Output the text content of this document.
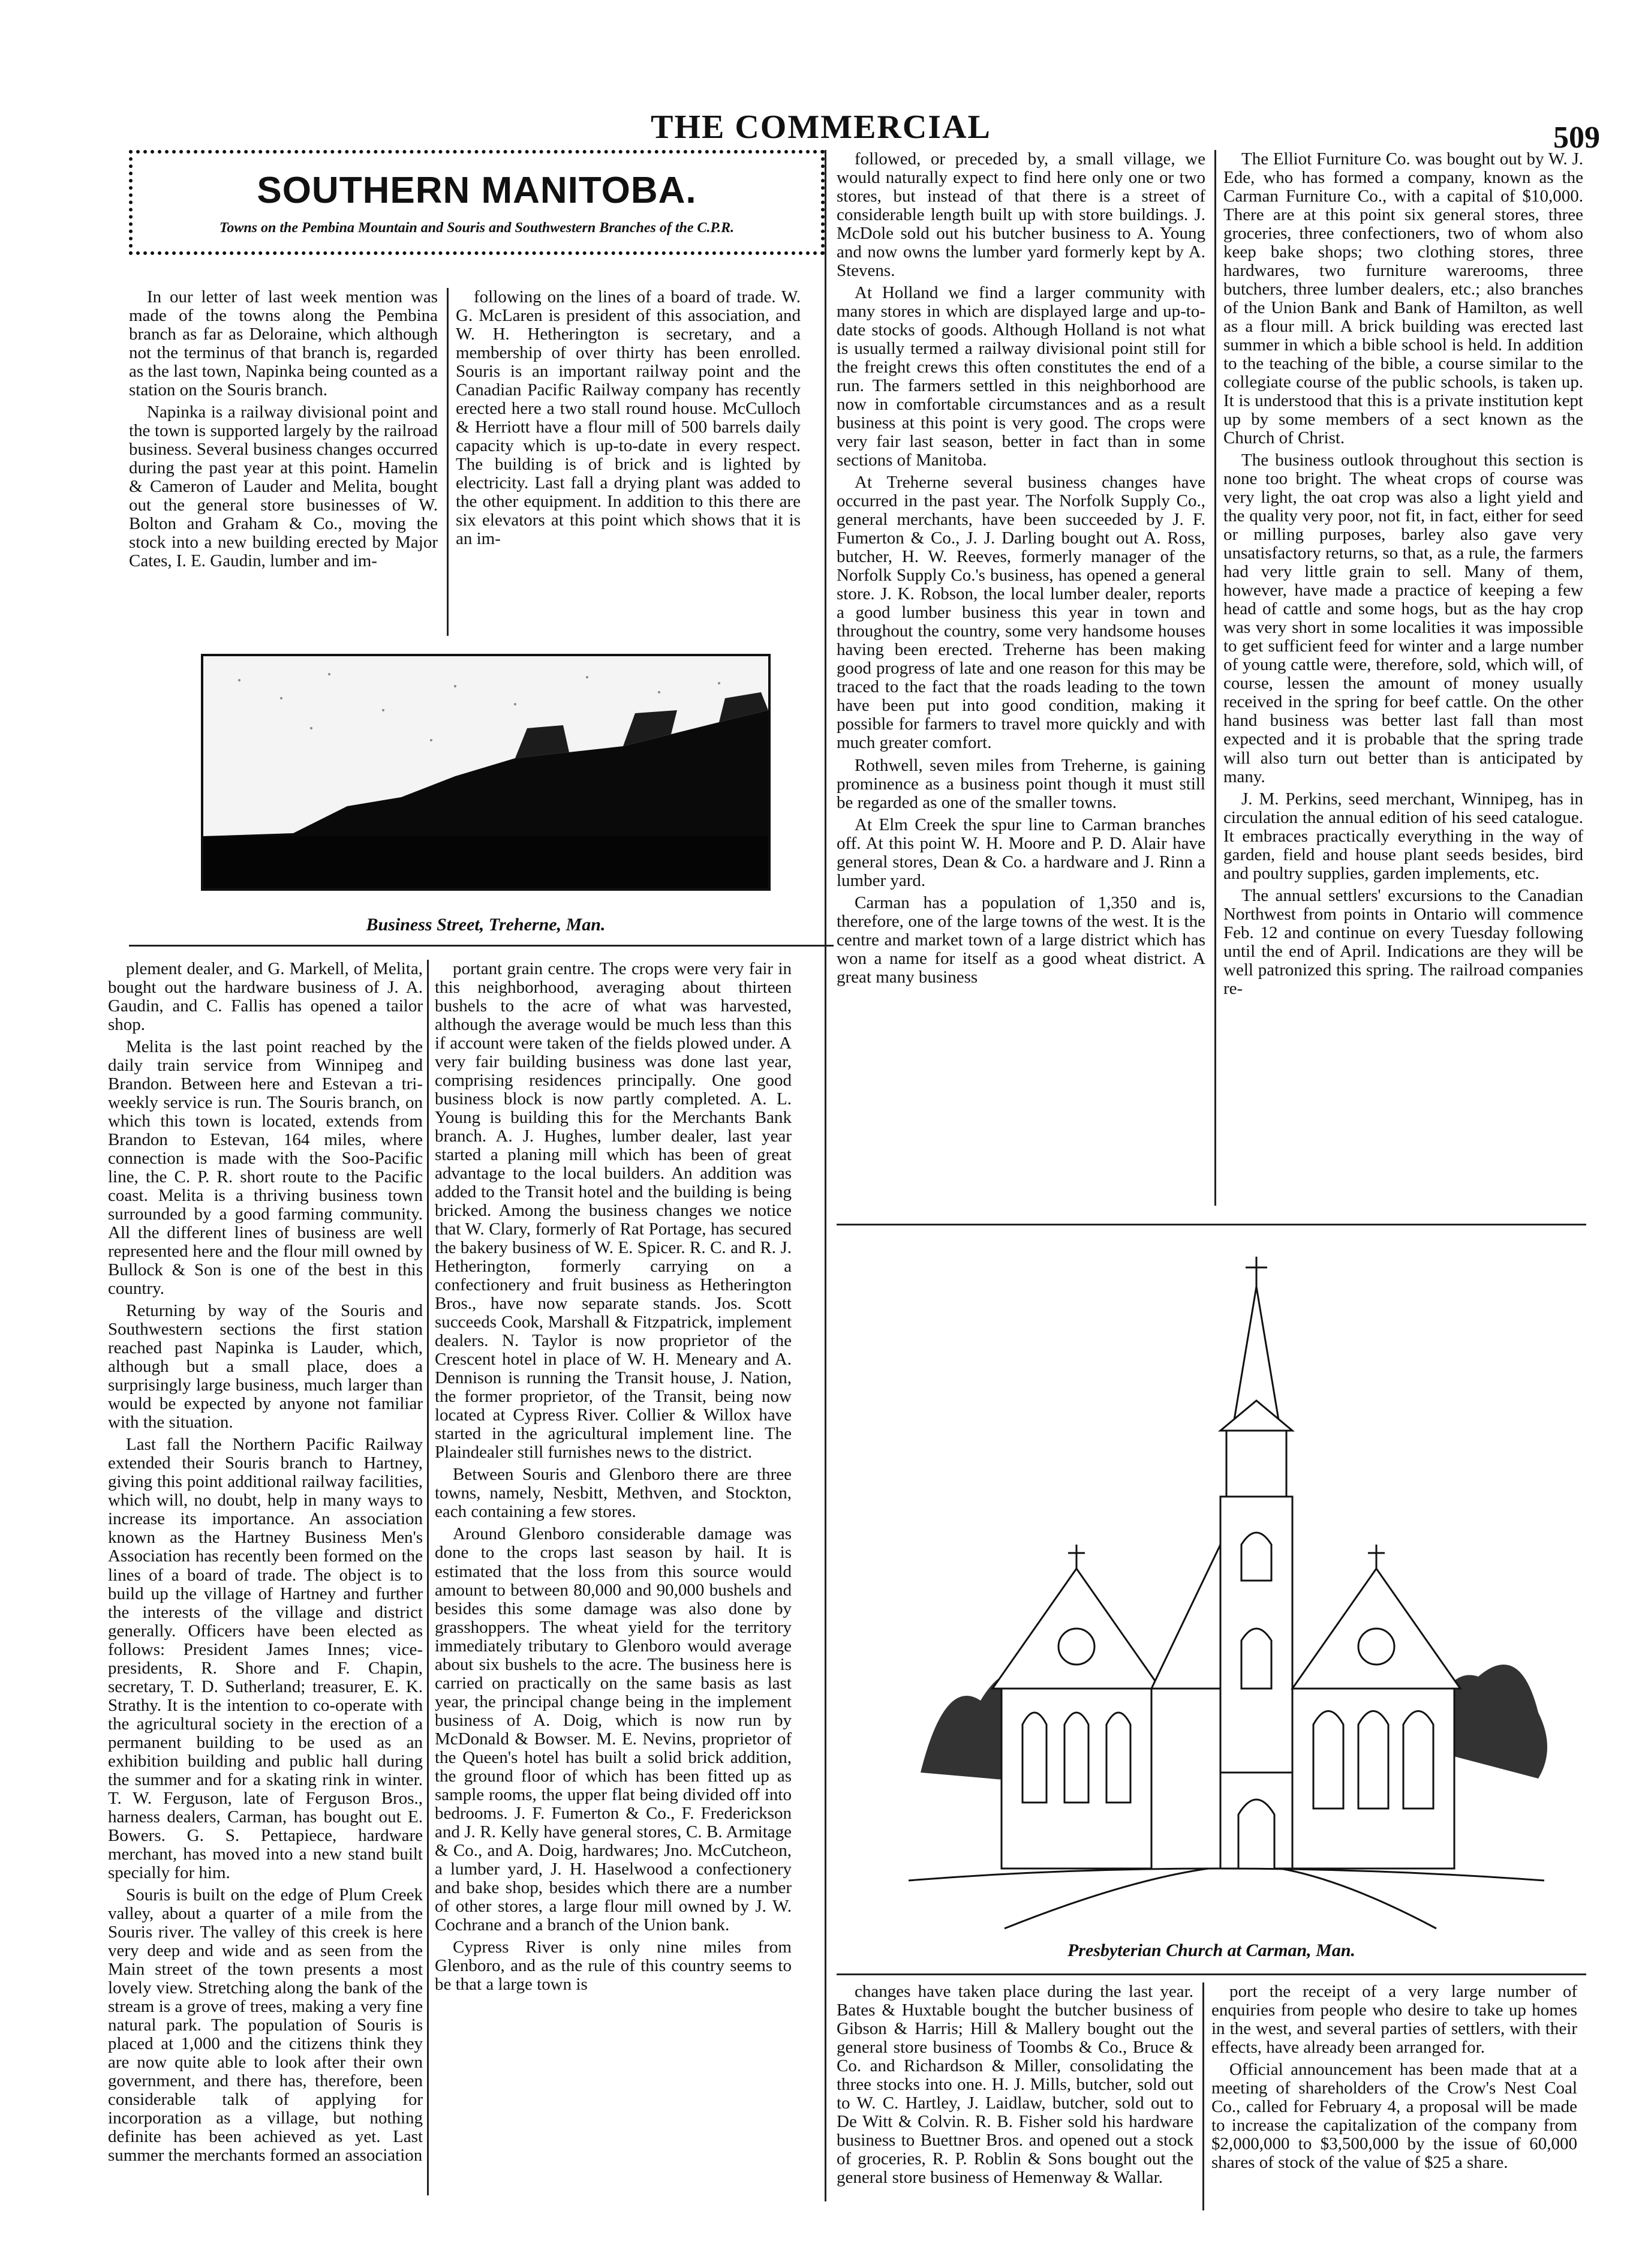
THE COMMERCIAL	509
SOUTHERN MANITOBA.
Towns on the Pembina Mountain and Souris and Southwestern Branches of the C.P.R.

In our letter of last week mention was made of the towns along the Pembina branch as far as Deloraine, which although not the terminus of that branch is, regarded as the last town, Napinka being counted as a station on the Souris branch.

Napinka is a railway divisional point and the town is supported largely by the railroad business. Several business changes occurred during the past year at this point. Hamelin & Cameron of Lauder and Melita, bought out the general store businesses of W. Bolton and Graham & Co., moving the stock into a new building erected by Major Cates, I. E. Gaudin, lumber and im-

following on the lines of a board of trade. W. G. McLaren is president of this association, and W. H. Hetherington is secretary, and a membership of over thirty has been enrolled. Souris is an important railway point and the Canadian Pacific Railway company has recently erected here a two stall round house. McCulloch & Herriott have a flour mill of 500 barrels daily capacity which is up-to-date in every respect. The building is of brick and is lighted by electricity. Last fall a drying plant was added to the other equipment. In addition to this there are six elevators at this point which shows that it is an im-

Business Street, Treherne, Man.

plement dealer, and G. Markell, of Melita, bought out the hardware business of J. A. Gaudin, and C. Fallis has opened a tailor shop.

Melita is the last point reached by the daily train service from Winnipeg and Brandon. Between here and Estevan a tri-weekly service is run. The Souris branch, on which this town is located, extends from Brandon to Estevan, 164 miles, where connection is made with the Soo-Pacific line, the C. P. R. short route to the Pacific coast. Melita is a thriving business town surrounded by a good farming community. All the different lines of business are well represented here and the flour mill owned by Bullock & Son is one of the best in this country.

Returning by way of the Souris and Southwestern sections the first station reached past Napinka is Lauder, which, although but a small place, does a surprisingly large business, much larger than would be expected by anyone not familiar with the situation.

Last fall the Northern Pacific Railway extended their Souris branch to Hartney, giving this point additional railway facilities, which will, no doubt, help in many ways to increase its importance. An association known as the Hartney Business Men's Association has recently been formed on the lines of a board of trade. The object is to build up the village of Hartney and further the interests of the village and district generally. Officers have been elected as follows: President James Innes; vice-presidents, R. Shore and F. Chapin, secretary, T. D. Sutherland; treasurer, E. K. Strathy. It is the intention to co-operate with the agricultural society in the erection of a permanent building to be used as an exhibition building and public hall during the summer and for a skating rink in winter. T. W. Ferguson, late of Ferguson Bros., harness dealers, Carman, has bought out E. Bowers. G. S. Pettapiece, hardware merchant, has moved into a new stand built specially for him.

Souris is built on the edge of Plum Creek valley, about a quarter of a mile from the Souris river. The valley of this creek is here very deep and wide and as seen from the Main street of the town presents a most lovely view. Stretching along the bank of the stream is a grove of trees, making a very fine natural park. The population of Souris is placed at 1,000 and the citizens think they are now quite able to look after their own government, and there has, therefore, been considerable talk of applying for incorporation as a village, but nothing definite has been achieved as yet. Last summer the merchants formed an association

portant grain centre. The crops were very fair in this neighborhood, averaging about thirteen bushels to the acre of what was harvested, although the average would be much less than this if account were taken of the fields plowed under. A very fair building business was done last year, comprising residences principally. One good business block is now partly completed. A. L. Young is building this for the Merchants Bank branch. A. J. Hughes, lumber dealer, last year started a planing mill which has been of great advantage to the local builders. An addition was added to the Transit hotel and the building is being bricked. Among the business changes we notice that W. Clary, formerly of Rat Portage, has secured the bakery business of W. E. Spicer. R. C. and R. J. Hetherington, formerly carrying on a confectionery and fruit business as Hetherington Bros., have now separate stands. Jos. Scott succeeds Cook, Marshall & Fitzpatrick, implement dealers. N. Taylor is now proprietor of the Crescent hotel in place of W. H. Meneary and A. Dennison is running the Transit house, J. Nation, the former proprietor, of the Transit, being now located at Cypress River. Collier & Willox have started in the agricultural implement line. The Plaindealer still furnishes news to the district.

Between Souris and Glenboro there are three towns, namely, Nesbitt, Methven, and Stockton, each containing a few stores.

Around Glenboro considerable damage was done to the crops last season by hail. It is estimated that the loss from this source would amount to between 80,000 and 90,000 bushels and besides this some damage was also done by grasshoppers. The wheat yield for the territory immediately tributary to Glenboro would average about six bushels to the acre. The business here is carried on practically on the same basis as last year, the principal change being in the implement business of A. Doig, which is now run by McDonald & Bowser. M. E. Nevins, proprietor of the Queen's hotel has built a solid brick addition, the ground floor of which has been fitted up as sample rooms, the upper flat being divided off into bedrooms. J. F. Fumerton & Co., F. Frederickson and J. R. Kelly have general stores, C. B. Armitage & Co., and A. Doig, hardwares; Jno. McCutcheon, a lumber yard, J. H. Haselwood a confectionery and bake shop, besides which there are a number of other stores, a large flour mill owned by J. W. Cochrane and a branch of the Union bank.

Cypress River is only nine miles from Glenboro, and as the rule of this country seems to be that a large town is

followed, or preceded by, a small village, we would naturally expect to find here only one or two stores, but instead of that there is a street of considerable length built up with store buildings. J. McDole sold out his butcher business to A. Young and now owns the lumber yard formerly kept by A. Stevens.

At Holland we find a larger community with many stores in which are displayed large and up-to-date stocks of goods. Although Holland is not what is usually termed a railway divisional point still for the freight crews this often constitutes the end of a run. The farmers settled in this neighborhood are now in comfortable circumstances and as a result business at this point is very good. The crops were very fair last season, better in fact than in some sections of Manitoba.

At Treherne several business changes have occurred in the past year. The Norfolk Supply Co., general merchants, have been succeeded by J. F. Fumerton & Co., J. J. Darling bought out A. Ross, butcher, H. W. Reeves, formerly manager of the Norfolk Supply Co.'s business, has opened a general store. J. K. Robson, the local lumber dealer, reports a good lumber business this year in town and throughout the country, some very handsome houses having been erected. Treherne has been making good progress of late and one reason for this may be traced to the fact that the roads leading to the town have been put into good condition, making it possible for farmers to travel more quickly and with much greater comfort.

Rothwell, seven miles from Treherne, is gaining prominence as a business point though it must still be regarded as one of the smaller towns.

At Elm Creek the spur line to Carman branches off. At this point W. H. Moore and P. D. Alair have general stores, Dean & Co. a hardware and J. Rinn a lumber yard.

Carman has a population of 1,350 and is, therefore, one of the large towns of the west. It is the centre and market town of a large district which has won a name for itself as a good wheat district. A great many business

The Elliot Furniture Co. was bought out by W. J. Ede, who has formed a company, known as the Carman Furniture Co., with a capital of $10,000. There are at this point six general stores, three groceries, three confectioners, two of whom also keep bake shops; two clothing stores, three hardwares, two furniture warerooms, three butchers, three lumber dealers, etc.; also branches of the Union Bank and Bank of Hamilton, as well as a flour mill. A brick building was erected last summer in which a bible school is held. In addition to the teaching of the bible, a course similar to the collegiate course of the public schools, is taken up. It is understood that this is a private institution kept up by some members of a sect known as the Church of Christ.

The business outlook throughout this section is none too bright. The wheat crops of course was very light, the oat crop was also a light yield and the quality very poor, not fit, in fact, either for seed or milling purposes, barley also gave very unsatisfactory returns, so that, as a rule, the farmers had very little grain to sell. Many of them, however, have made a practice of keeping a few head of cattle and some hogs, but as the hay crop was very short in some localities it was impossible to get sufficient feed for winter and a large number of young cattle were, therefore, sold, which will, of course, lessen the amount of money usually received in the spring for beef cattle. On the other hand business was better last fall than most expected and it is probable that the spring trade will also turn out better than is anticipated by many.

J. M. Perkins, seed merchant, Winnipeg, has in circulation the annual edition of his seed catalogue. It embraces practically everything in the way of garden, field and house plant seeds besides, bird and poultry supplies, garden implements, etc.

The annual settlers' excursions to the Canadian Northwest from points in Ontario will commence Feb. 12 and continue on every Tuesday following until the end of April. Indications are they will be well patronized this spring. The railroad companies re-

Presbyterian Church at Carman, Man.

changes have taken place during the last year. Bates & Huxtable bought the butcher business of Gibson & Harris; Hill & Mallery bought out the general store business of Toombs & Co., Bruce & Co. and Richardson & Miller, consolidating the three stocks into one. H. J. Mills, butcher, sold out to W. C. Hartley, J. Laidlaw, butcher, sold out to De Witt & Colvin. R. B. Fisher sold his hardware business to Buettner Bros. and opened out a stock of groceries, R. P. Roblin & Sons bought out the general store business of Hemenway & Wallar.

port the receipt of a very large number of enquiries from people who desire to take up homes in the west, and several parties of settlers, with their effects, have already been arranged for.

Official announcement has been made that at a meeting of shareholders of the Crow's Nest Coal Co., called for February 4, a proposal will be made to increase the capitalization of the company from $2,000,000 to $3,500,000 by the issue of 60,000 shares of stock of the value of $25 a share.
